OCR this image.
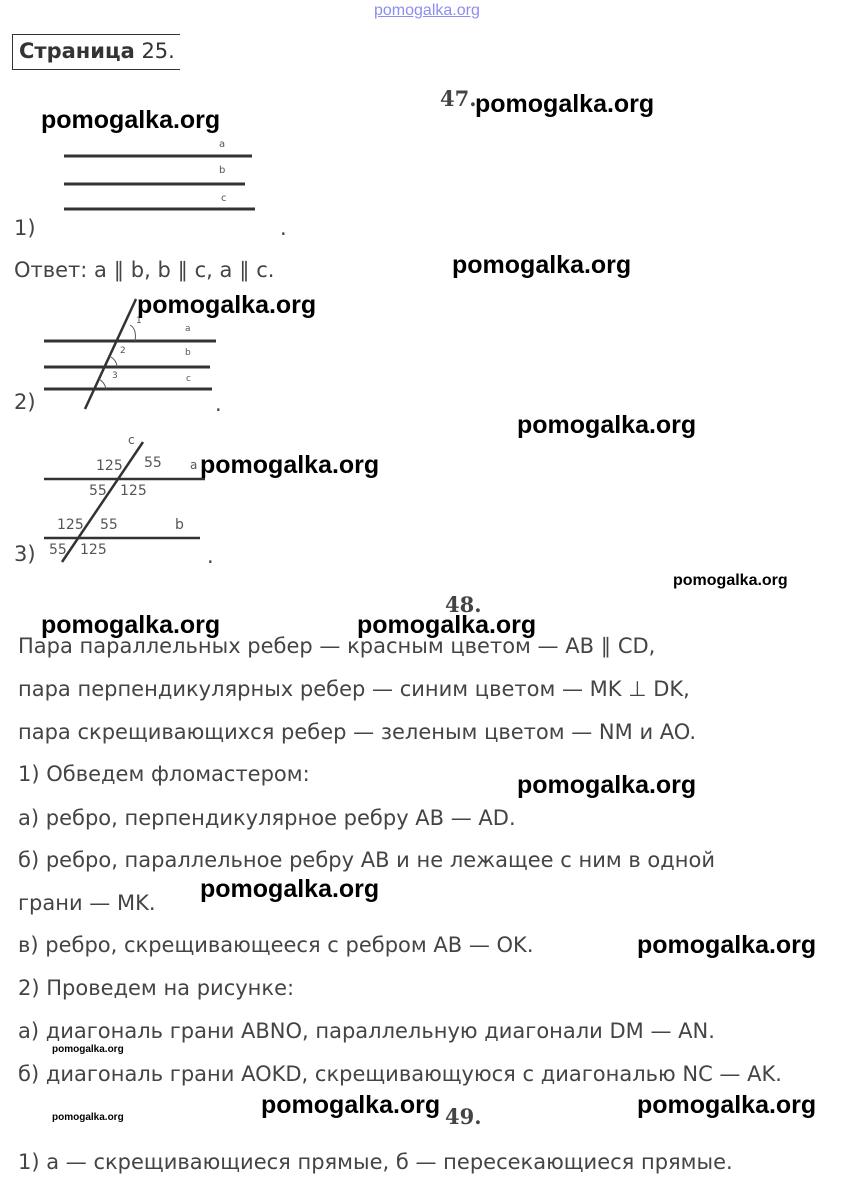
pomogalka.org
Страница 25.
47.
a
b
c
1)	.
Ответ: a ∥ b, b ∥ c, a ∥ c.
1
2
3
a
b
c
2)	.
c
a
b
125 55
55 125
125 55
55 125
3)	.
48.
Пара параллельных ребер — красным цветом — AB ∥ CD,
пара перпендикулярных ребер — синим цветом — MK ⊥ DK,
пара скрещивающихся ребер — зеленым цветом — NM и AO.
1) Обведем фломастером:
а) ребро, перпендикулярное ребру AB — AD.
б) ребро, параллельное ребру AB и не лежащее с ним в одной
грани — MK.
в) ребро, скрещивающееся с ребром AB — OK.
2) Проведем на рисунке:
а) диагональ грани ABNO, параллельную диагонали DM — AN.
б) диагональ грани AOKD, скрещивающуюся с диагональю NC — AK.
49.
1) а — скрещивающиеся прямые, б — пересекающиеся прямые.
pomogalka.org
pomogalka.org
pomogalka.org
pomogalka.org
pomogalka.org
pomogalka.org
pomogalka.org
pomogalka.org	pomogalka.org
pomogalka.org
pomogalka.org
pomogalka.org
pomogalka.org
pomogalka.org	pomogalka.org
pomogalka.org
